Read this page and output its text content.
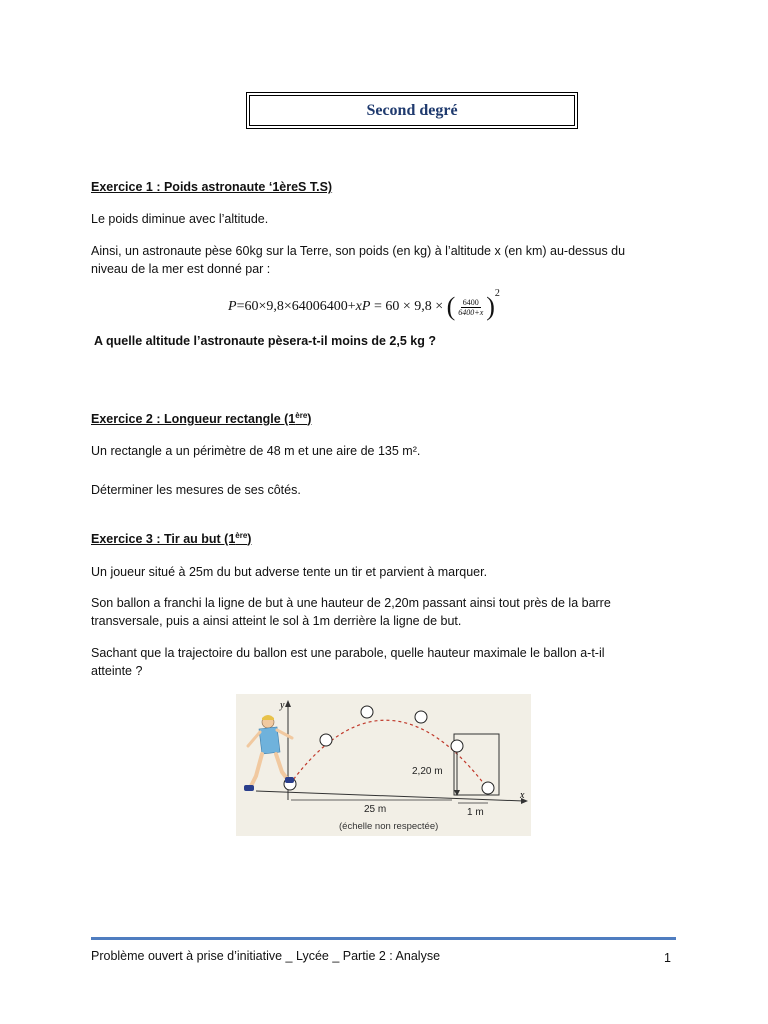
Second degré
Exercice 1 : Poids astronaute ‘1èreS T.S)
Le poids diminue avec l’altitude.
Ainsi, un astronaute pèse 60kg sur la Terre, son poids (en kg) à l’altitude x (en km) au-dessus du
niveau de la mer est donné par :
P =60×9,8×64006400+ x P = 60 × 9,8 × ( $\frac{6400}{6400+x}$ ) 2
A quelle altitude l’astronaute pèsera-t-il moins de 2,5 kg ?
Exercice 2 : Longueur rectangle (1ère)
Un rectangle a un périmètre de 48 m et une aire de 135 m².
Déterminer les mesures de ses côtés.
Exercice 3 : Tir au but (1ère)
Un joueur situé à 25m du but adverse tente un tir et parvient à marquer.
Son ballon a franchi la ligne de but à une hauteur de 2,20m passant ainsi tout près de la barre
transversale, puis a ainsi atteint le sol à 1m derrière la ligne de but.
Sachant que la trajectoire du ballon est une parabole, quelle hauteur maximale le ballon a-t-il
atteinte ?
y
x
2,20 m
25 m	1 m
(échelle non respectée)
Problème ouvert à prise d’initiative _ Lycée _ Partie 2 : Analyse	1
